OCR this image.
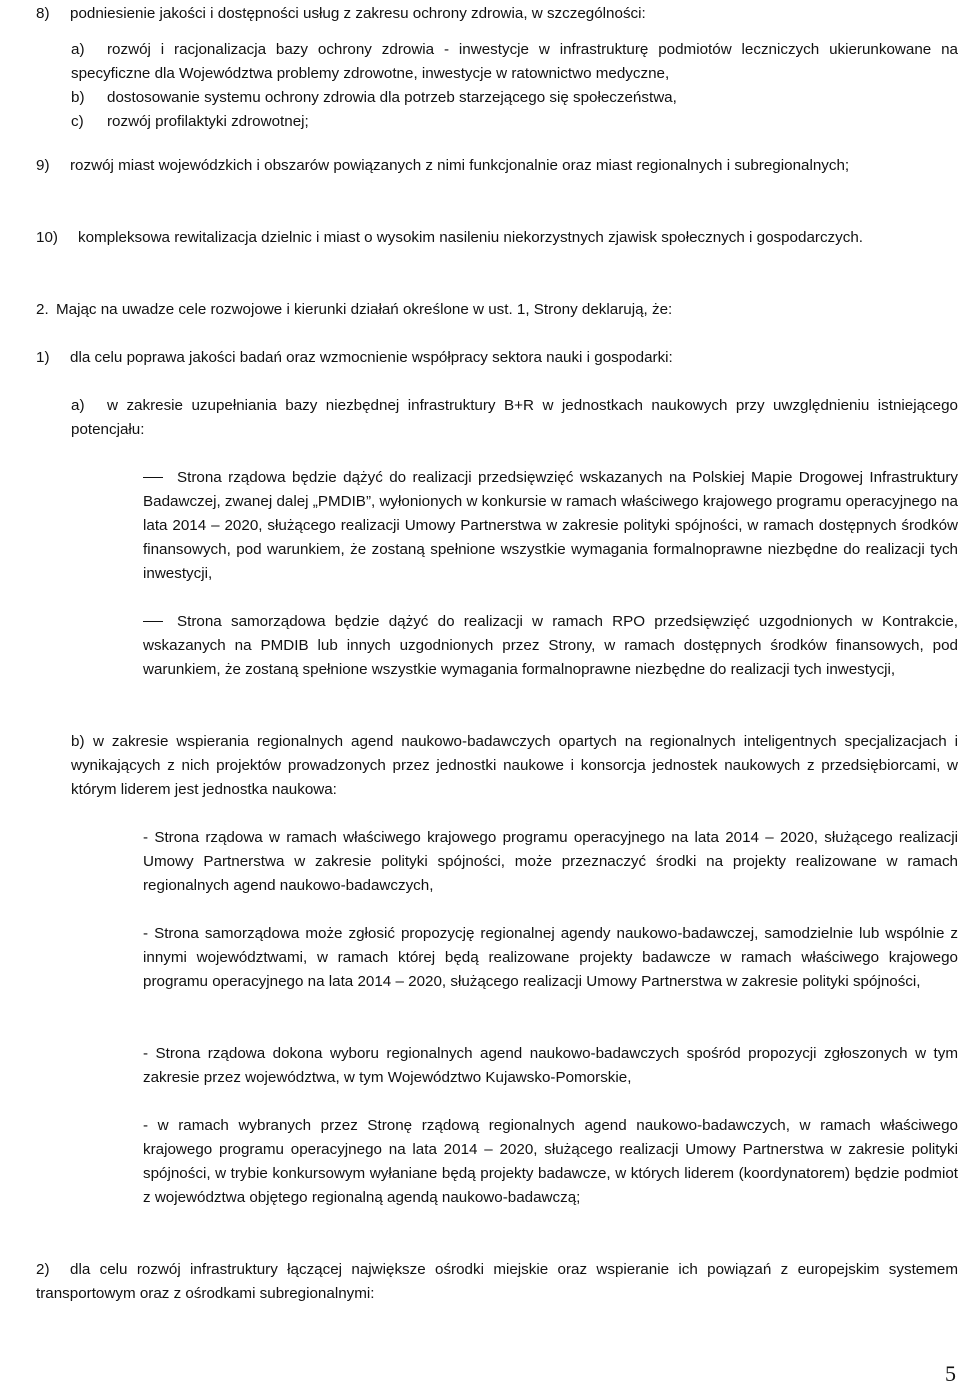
8) podniesienie jakości i dostępności usług z zakresu ochrony zdrowia, w szczególności:
a) rozwój i racjonalizacja bazy ochrony zdrowia - inwestycje w infrastrukturę podmiotów leczniczych ukierunkowane na specyficzne dla Województwa problemy zdrowotne, inwestycje w ratownictwo medyczne,
b) dostosowanie systemu ochrony zdrowia dla potrzeb starzejącego się społeczeństwa,
c) rozwój profilaktyki zdrowotnej;
9) rozwój miast wojewódzkich i obszarów powiązanych z nimi funkcjonalnie oraz miast regionalnych i subregionalnych;
10) kompleksowa rewitalizacja dzielnic i miast o wysokim nasileniu niekorzystnych zjawisk społecznych i gospodarczych.
2. Mając na uwadze cele rozwojowe i kierunki działań określone w ust. 1, Strony deklarują, że:
1) dla celu poprawa jakości badań oraz wzmocnienie współpracy sektora nauki i gospodarki:
a) w zakresie uzupełniania bazy niezbędnej infrastruktury B+R w jednostkach naukowych przy uwzględnieniu istniejącego potencjału:

Strona rządowa będzie dążyć do realizacji przedsięwzięć wskazanych na Polskiej Mapie Drogowej Infrastruktury Badawczej, zwanej dalej „PMDIB”, wyłonionych w konkursie w ramach właściwego krajowego programu operacyjnego na lata 2014 – 2020, służącego realizacji Umowy Partnerstwa w zakresie polityki spójności, w ramach dostępnych środków finansowych, pod warunkiem, że zostaną spełnione wszystkie wymagania formalnoprawne niezbędne do realizacji tych inwestycji,

Strona samorządowa będzie dążyć do realizacji w ramach RPO przedsięwzięć uzgodnionych w Kontrakcie, wskazanych na PMDIB lub innych uzgodnionych przez Strony, w ramach dostępnych środków finansowych, pod warunkiem, że zostaną spełnione wszystkie wymagania formalnoprawne niezbędne do realizacji tych inwestycji,

b) w zakresie wspierania regionalnych agend naukowo-badawczych opartych na regionalnych inteligentnych specjalizacjach i wynikających z nich projektów prowadzonych przez jednostki naukowe i konsorcja jednostek naukowych z przedsiębiorcami, w którym liderem jest jednostka naukowa:

- Strona rządowa w ramach właściwego krajowego programu operacyjnego na lata 2014 – 2020, służącego realizacji Umowy Partnerstwa w zakresie polityki spójności, może przeznaczyć środki na projekty realizowane w ramach regionalnych agend naukowo-badawczych,

- Strona samorządowa może zgłosić propozycję regionalnej agendy naukowo-badawczej, samodzielnie lub wspólnie z innymi województwami, w ramach której będą realizowane projekty badawcze w ramach właściwego krajowego programu operacyjnego na lata 2014 – 2020, służącego realizacji Umowy Partnerstwa w zakresie polityki spójności,

- Strona rządowa dokona wyboru regionalnych agend naukowo-badawczych spośród propozycji zgłoszonych w tym zakresie przez województwa, w tym Województwo Kujawsko-Pomorskie,

- w ramach wybranych przez Stronę rządową regionalnych agend naukowo-badawczych, w ramach właściwego krajowego programu operacyjnego na lata 2014 – 2020, służącego realizacji Umowy Partnerstwa w zakresie polityki spójności, w trybie konkursowym wyłaniane będą projekty badawcze, w których liderem (koordynatorem) będzie podmiot z województwa objętego regionalną agendą naukowo-badawczą;

2) dla celu rozwój infrastruktury łączącej największe ośrodki miejskie oraz wspieranie ich powiązań z europejskim systemem transportowym oraz z ośrodkami subregionalnymi:
5
